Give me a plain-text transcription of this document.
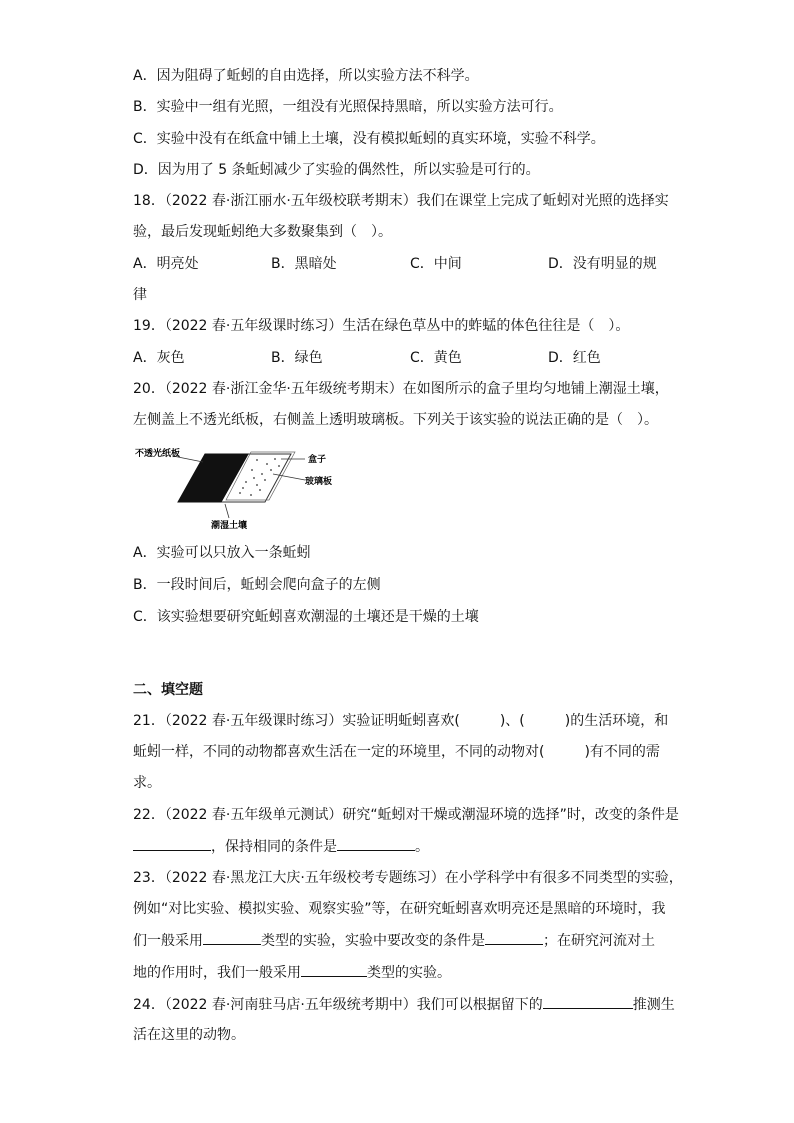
A．因为阻碍了蚯蚓的自由选择，所以实验方法不科学。
B．实验中一组有光照，一组没有光照保持黑暗，所以实验方法可行。
C．实验中没有在纸盒中铺上土壤，没有模拟蚯蚓的真实环境，实验不科学。
D．因为用了 5 条蚯蚓减少了实验的偶然性，所以实验是可行的。
18．（2022 春·浙江丽水·五年级校联考期末）我们在课堂上完成了蚯蚓对光照的选择实
验，最后发现蚯蚓绝大多数聚集到（　）。
A．明亮处	B．黑暗处	C．中间	D．没有明显的规
律
19．（2022 春·五年级课时练习）生活在绿色草丛中的蚱蜢的体色往往是（　）。
A．灰色	B．绿色	C．黄色	D．红色
20．（2022 春·浙江金华·五年级统考期末）在如图所示的盒子里均匀地铺上潮湿土壤，
左侧盖上不透光纸板，右侧盖上透明玻璃板。下列关于该实验的说法正确的是（　）。
不透光纸板
盒子
玻璃板
潮湿土壤
A．实验可以只放入一条蚯蚓
B．一段时间后，蚯蚓会爬向盒子的左侧
C．该实验想要研究蚯蚓喜欢潮湿的土壤还是干燥的土壤
二、填空题
21．（2022 春·五年级课时练习）实验证明蚯蚓喜欢(	)、(	)的生活环境，和
蚯蚓一样，不同的动物都喜欢生活在一定的环境里，不同的动物对(	)有不同的需
求。
22．（2022 春·五年级单元测试）研究“蚯蚓对干燥或潮湿环境的选择”时，改变的条件是
，保持相同的条件是	。
23．（2022 春·黑龙江大庆·五年级校考专题练习）在小学科学中有很多不同类型的实验，
例如“对比实验、模拟实验、观察实验”等，在研究蚯蚓喜欢明亮还是黑暗的环境时，我
们一般采用	类型的实验，实验中要改变的条件是	；在研究河流对土
地的作用时，我们一般采用	类型的实验。
24．（2022 春·河南驻马店·五年级统考期中）我们可以根据留下的	推测生
活在这里的动物。
